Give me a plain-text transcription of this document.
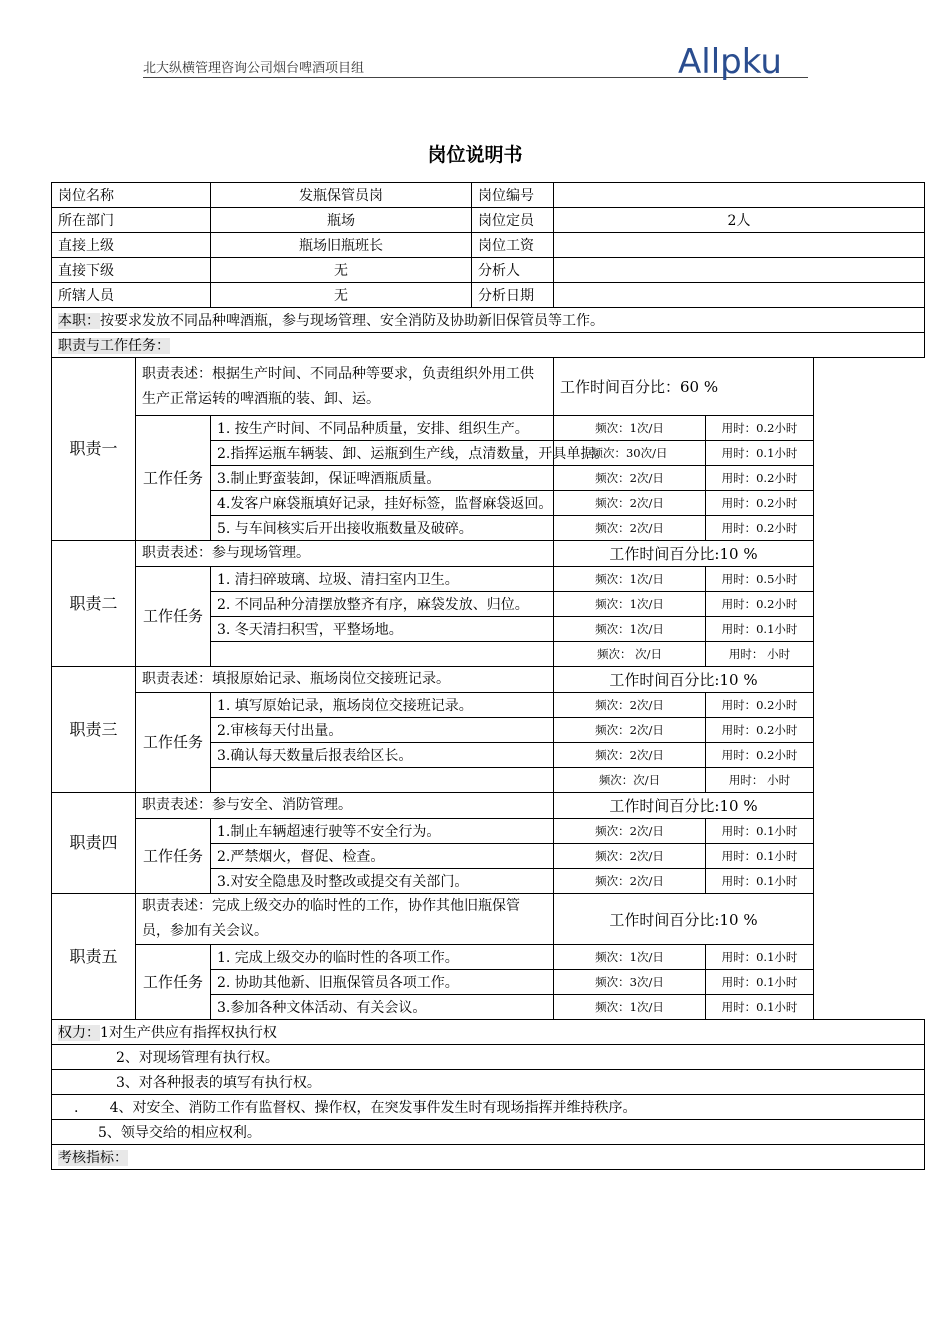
北大纵横管理咨询公司烟台啤酒项目组	Allpku
岗位说明书
岗位名称		发瓶保管员岗	岗位编号		
所在部门		瓶场	岗位定员	2人	
直接上级		瓶场旧瓶班长	岗位工资		
直接下级		无	分析人		
所辖人员		无	分析日期		
本职：按要求发放不同品种啤酒瓶，参与现场管理、安全消防及协助新旧保管员等工作。					
职责与工作任务：					
职责一	职责表述：根据生产时间、不同品种等要求，负责组织外用工供生产正常运转的啤酒瓶的装、卸、运。			工作时间百分比：60 %	
	工作任务	1. 按生产时间、不同品种质量，安排、组织生产。		频次：1次/日	用时：0.2小时
		2.指挥运瓶车辆装、卸、运瓶到生产线，点清数量，开具单据。		频次：30次/日	用时：0.1小时
		3.制止野蛮装卸，保证啤酒瓶质量。		频次：2次/日	用时：0.2小时
		4.发客户麻袋瓶填好记录，挂好标签，监督麻袋返回。		频次：2次/日	用时：0.2小时
		5. 与车间核实后开出接收瓶数量及破碎。		频次：2次/日	用时：0.2小时
职责二	职责表述：参与现场管理。			工作时间百分比:10 %	
	工作任务	1. 清扫碎玻璃、垃圾、清扫室内卫生。		频次：1次/日	用时：0.5小时
		2. 不同品种分清摆放整齐有序，麻袋发放、归位。		频次：1次/日	用时：0.2小时
		3. 冬天清扫积雪，平整场地。		频次：1次/日	用时：0.1小时
				频次： 次/日	用时： 小时
职责三	职责表述：填报原始记录、瓶场岗位交接班记录。			工作时间百分比:10 %	
	工作任务	1. 填写原始记录，瓶场岗位交接班记录。		频次：2次/日	用时：0.2小时
		2.审核每天付出量。		频次：2次/日	用时：0.2小时
		3.确认每天数量后报表给区长。		频次：2次/日	用时：0.2小时
				频次：次/日	用时： 小时
职责四	职责表述：参与安全、消防管理。			工作时间百分比:10 %	
	工作任务	1.制止车辆超速行驶等不安全行为。		频次：2次/日	用时：0.1小时
		2.严禁烟火，督促、检查。		频次：2次/日	用时：0.1小时
		3.对安全隐患及时整改或提交有关部门。		频次：2次/日	用时：0.1小时
职责五	职责表述：完成上级交办的临时性的工作，协作其他旧瓶保管员，参加有关会议。			工作时间百分比:10 %	
	工作任务	1. 完成上级交办的临时性的各项工作。		频次：1次/日	用时：0.1小时
		2. 协助其他新、旧瓶保管员各项工作。		频次：3次/日	用时：0.1小时
		3.参加各种文体活动、有关会议。		频次：1次/日	用时：0.1小时
权力：1对生产供应有指挥权执行权					
2、对现场管理有执行权。					
3、对各种报表的填写有执行权。					
.       4、对安全、消防工作有监督权、操作权，在突发事件发生时有现场指挥并维持秩序。					
5、领导交给的相应权利。					
考核指标：					
